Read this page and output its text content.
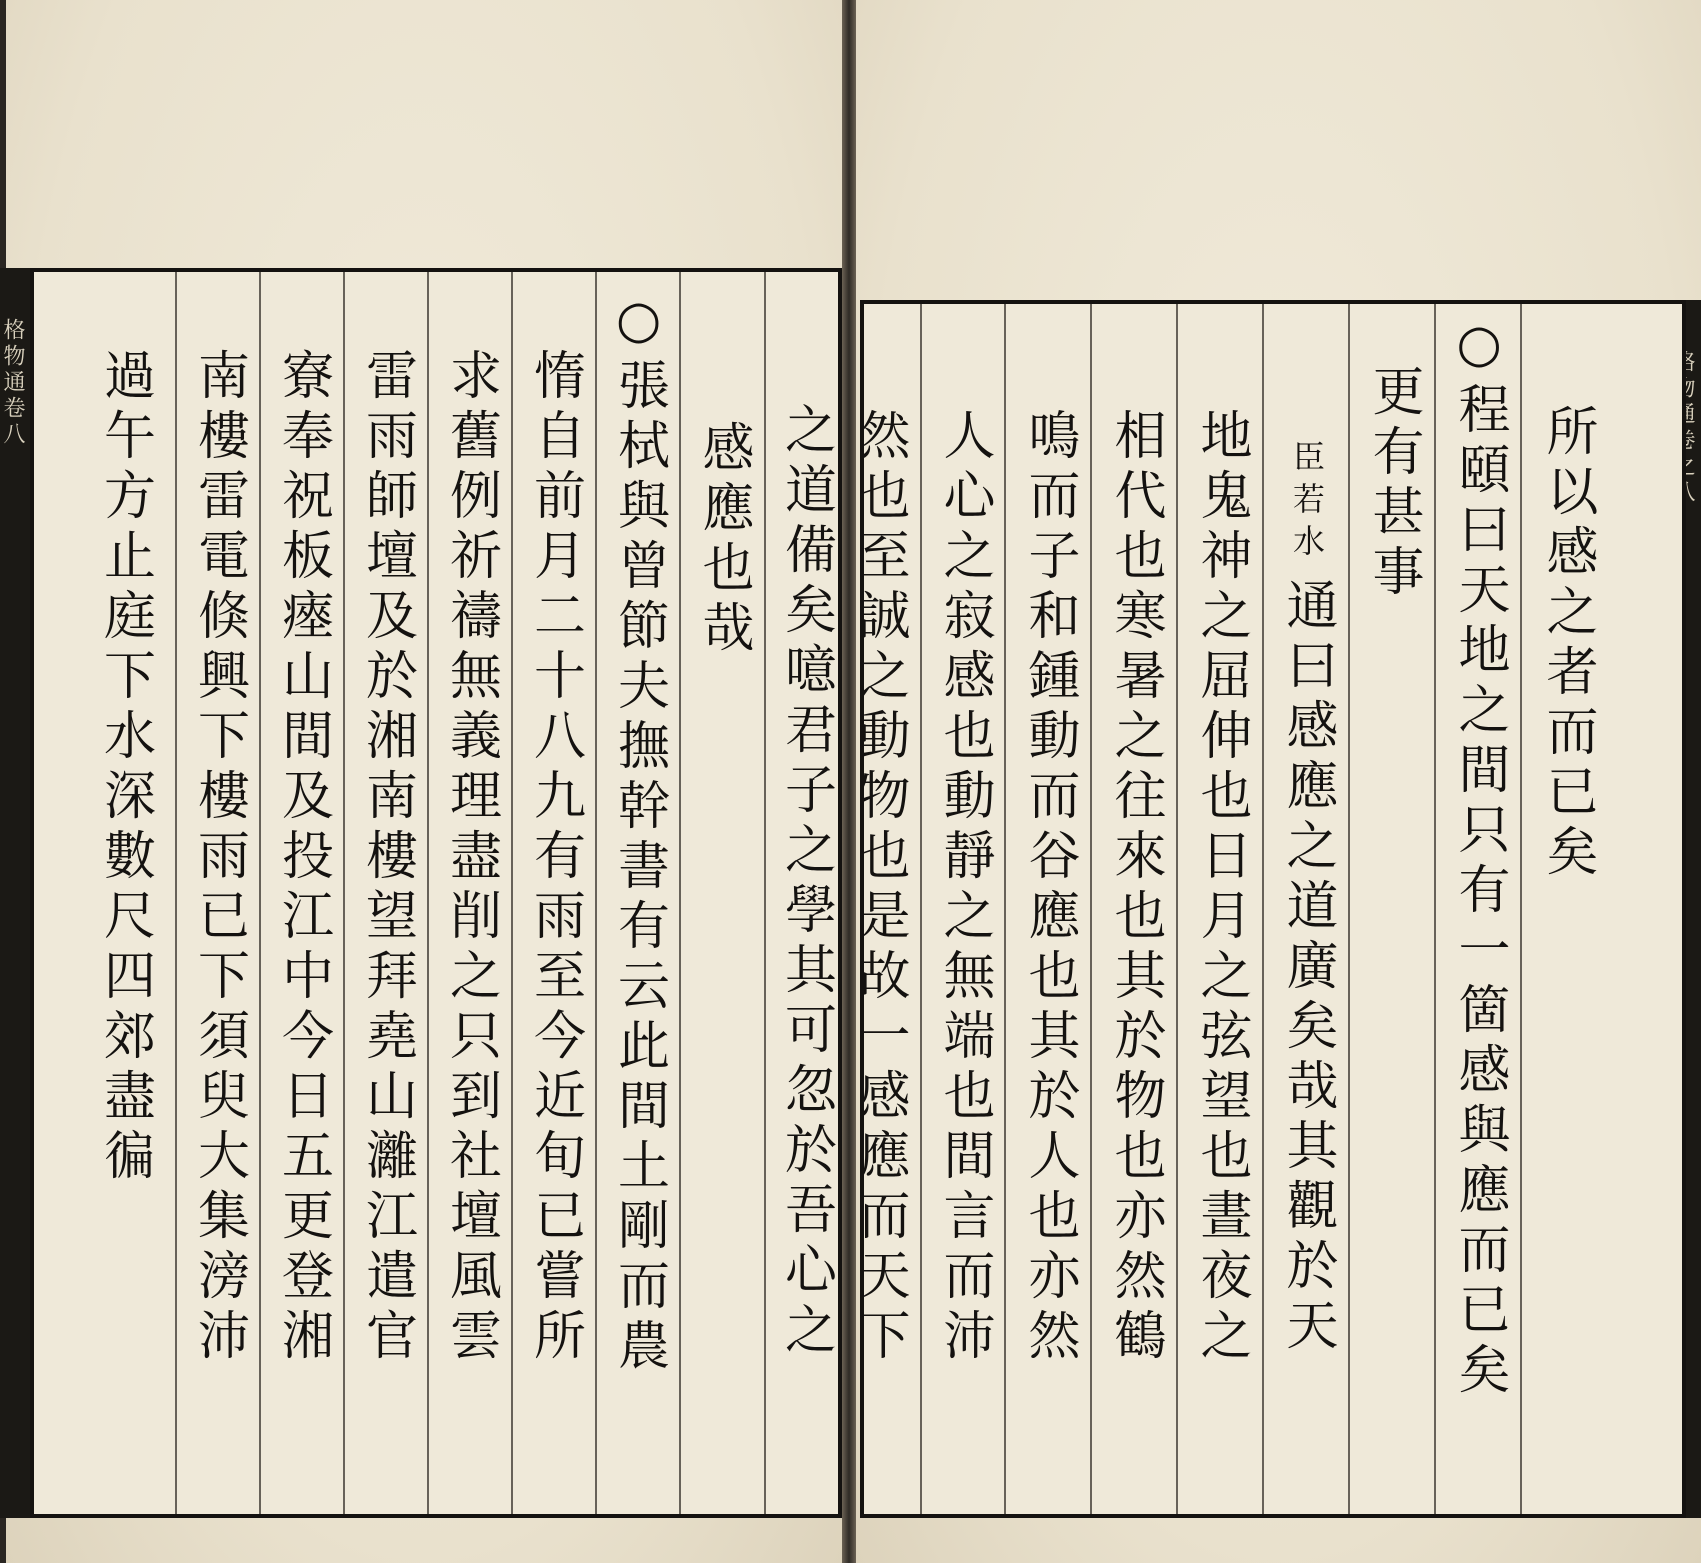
格物通卷八
之道備矣噫君子之學其可忽於吾心之
感應也哉
○張栻與曾節夫撫幹書有云此間土剛而農
惰自前月二十八九有雨至今近旬已嘗所
求舊例祈禱無義理盡削之只到社壇風雲
雷雨師壇及於湘南樓望拜堯山灕江遣官
寮奉祝板瘞山間及投江中今日五更登湘
南樓雷電倏興下樓雨已下須臾大集滂沛
過午方止庭下水深數尺四郊盡徧	所以感之者而已矣
○程頤曰天地之間只有一箇感與應而已矣
更有甚事
臣若水
通曰感應之道廣矣哉其觀於天
地鬼神之屈伸也日月之弦望也晝夜之
相代也寒暑之往來也其於物也亦然鶴
鳴而子和鍾動而谷應也其於人也亦然
人心之寂感也動靜之無端也間言而沛
然也至誠之動物也是故一感應而天下
